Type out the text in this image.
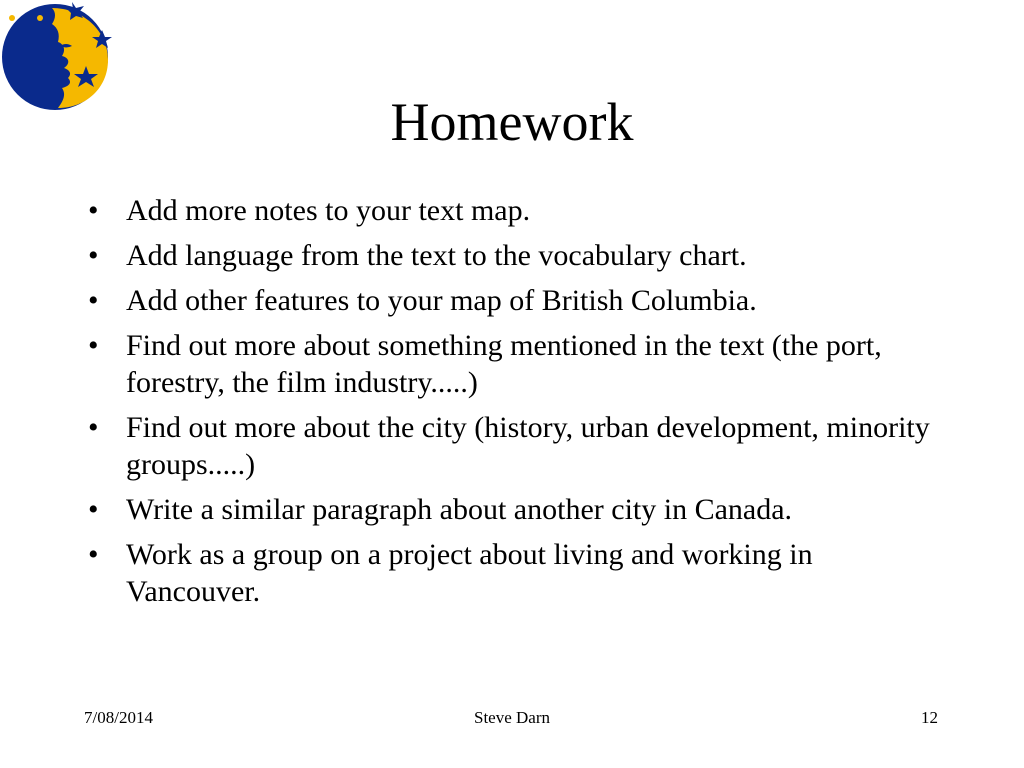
Homework
• Add more notes to your text map.
• Add language from the text to the vocabulary chart.
• Add other features to your map of British Columbia.
• Find out more about something mentioned in the text (the port, forestry, the film industry.....)
• Find out more about the city (history, urban development, minority groups.....)
• Write a similar paragraph about another city in Canada.
• Work as a group on a project about living and working in Vancouver.
7/08/2014	Steve Darn	12
